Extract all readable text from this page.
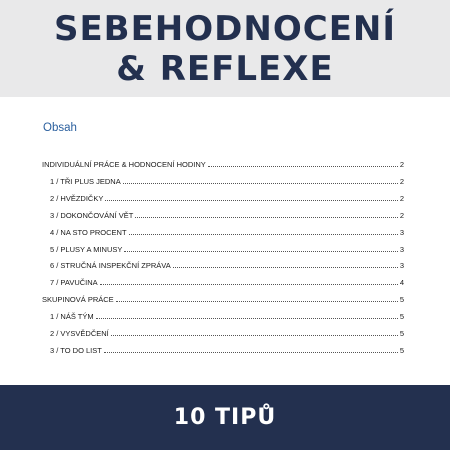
SEBEHODNOCENÍ
& REFLEXE
Obsah
INDIVIDUÁLNÍ PRÁCE & HODNOCENÍ HODINY	2
1 / TŘI PLUS JEDNA	2
2 / HVĚZDIČKY	2
3 / DOKONČOVÁNÍ VĚT	2
4 / NA STO PROCENT	3
5 / PLUSY A MINUSY	3
6 / STRUČNÁ INSPEKČNÍ ZPRÁVA	3
7 / PAVUČINA	4
SKUPINOVÁ PRÁCE	5
1 / NÁŠ TÝM	5
2 / VYSVĚDČENÍ	5
3 / TO DO LIST	5
10 TIPŮ
